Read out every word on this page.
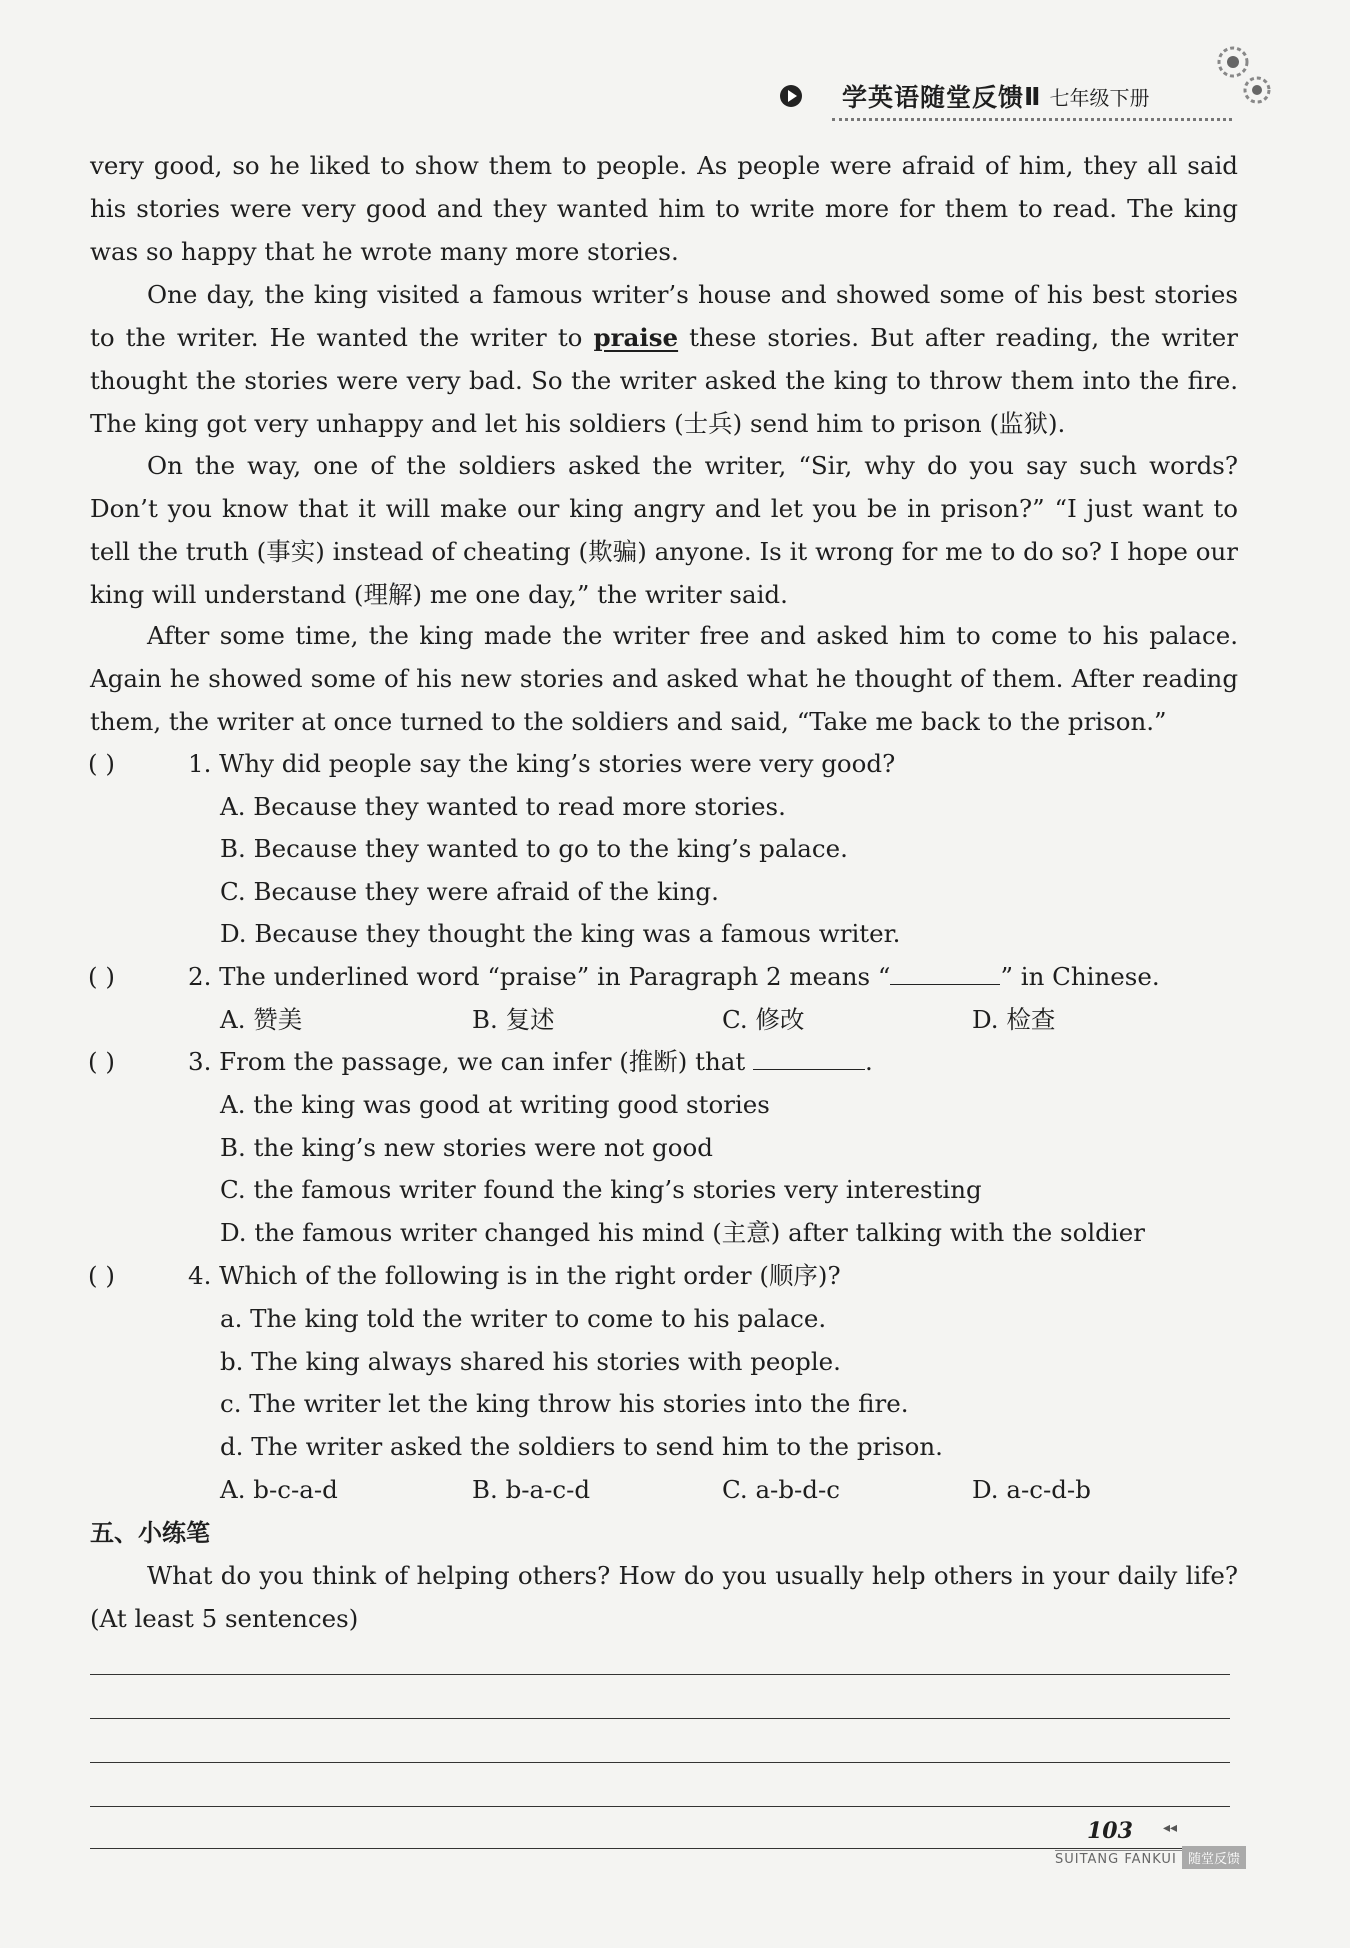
学英语随堂反馈 Ⅱ 七年级下册

very good, so he liked to show them to people. As people were afraid of him, they all said his stories were very good and they wanted him to write more for them to read. The king was so happy that he wrote many more stories.

One day, the king visited a famous writer’s house and showed some of his best stories to the writer. He wanted the writer to praise these stories. But after reading, the writer thought the stories were very bad. So the writer asked the king to throw them into the fire. The king got very unhappy and let his soldiers (士兵) send him to prison (监狱).

On the way, one of the soldiers asked the writer, “Sir, why do you say such words? Don’t you know that it will make our king angry and let you be in prison?” “I just want to tell the truth (事实) instead of cheating (欺骗) anyone. Is it wrong for me to do so? I hope our king will understand (理解) me one day,” the writer said.

After some time, the king made the writer free and asked him to come to his palace. Again he showed some of his new stories and asked what he thought of them. After reading them, the writer at once turned to the soldiers and said, “Take me back to the prison.”

( )	1. Why did people say the king’s stories were very good?
A. Because they wanted to read more stories.
B. Because they wanted to go to the king’s palace.
C. Because they were afraid of the king.
D. Because they thought the king was a famous writer.
( )	2. The underlined word “praise” in Paragraph 2 means “	” in Chinese.
A. 赞美	B. 复述	C. 修改	D. 检查
( )	3. From the passage, we can infer (推断) that	.
A. the king was good at writing good stories
B. the king’s new stories were not good
C. the famous writer found the king’s stories very interesting
D. the famous writer changed his mind (主意) after talking with the soldier
( )	4. Which of the following is in the right order (顺序)?
a. The king told the writer to come to his palace.
b. The king always shared his stories with people.
c. The writer let the king throw his stories into the fire.
d. The writer asked the soldiers to send him to the prison.
A. b-c-a-d	B. b-a-c-d	C. a-b-d-c	D. a-c-d-b
五、小练笔

What do you think of helping others? How do you usually help others in your daily life? (At least 5 sentences)

103 ◂◂
SUITANG FANKUI 随堂反馈
